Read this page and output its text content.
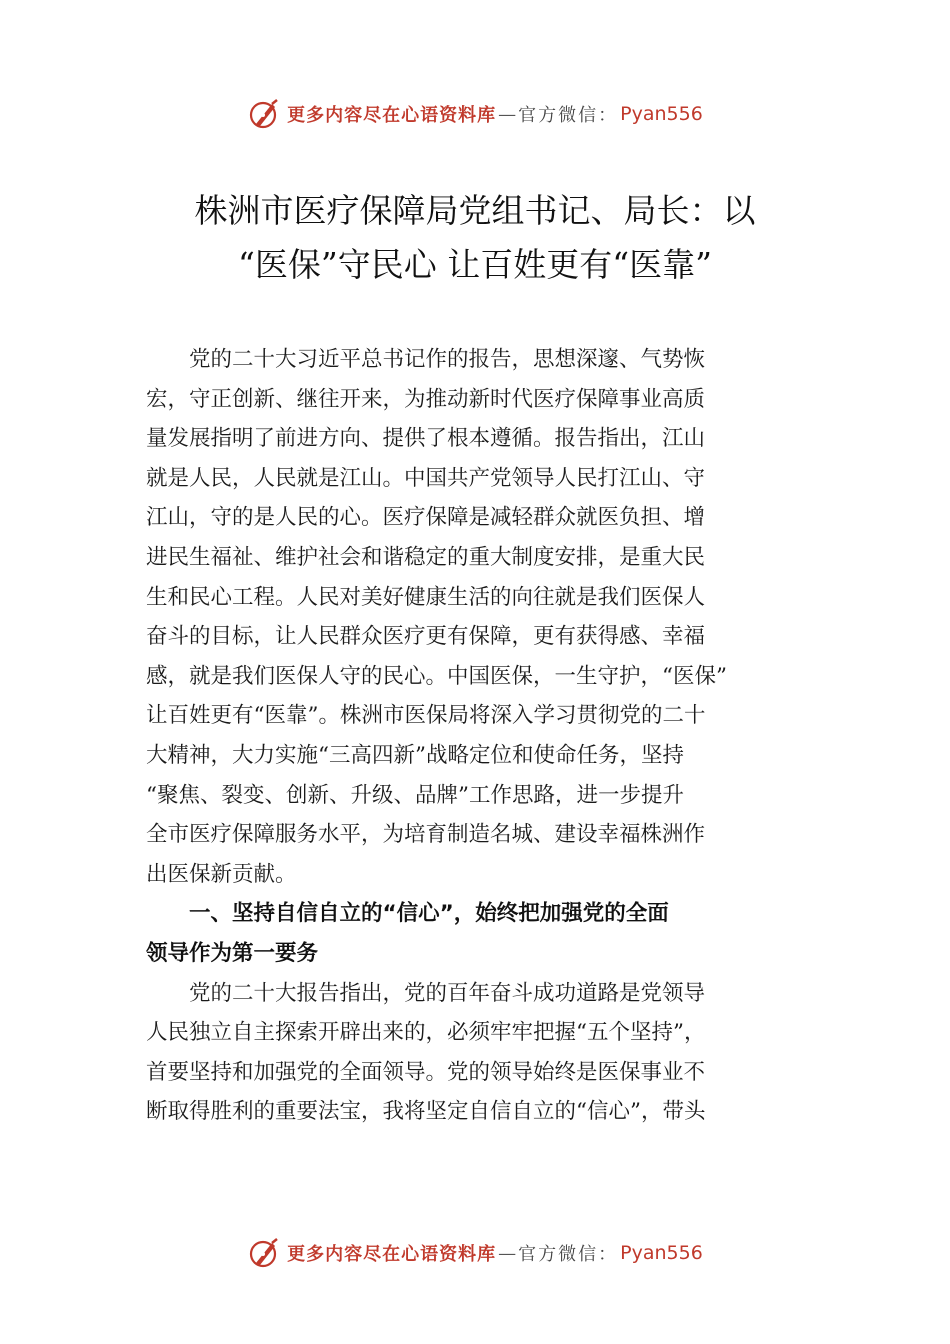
更多内容尽在心语资料库 — 官方微信： Pyan556
株洲市医疗保障局党组书记、局长：以
“医保”守民心 让百姓更有“医靠”

党的二十大习近平总书记作的报告，思想深邃、气势恢
宏，守正创新、继往开来，为推动新时代医疗保障事业高质
量发展指明了前进方向、提供了根本遵循。报告指出，江山
就是人民，人民就是江山。中国共产党领导人民打江山、守
江山，守的是人民的心。医疗保障是减轻群众就医负担、增
进民生福祉、维护社会和谐稳定的重大制度安排，是重大民
生和民心工程。人民对美好健康生活的向往就是我们医保人
奋斗的目标，让人民群众医疗更有保障，更有获得感、幸福
感，就是我们医保人守的民心。中国医保，一生守护，“医保”
让百姓更有“医靠”。株洲市医保局将深入学习贯彻党的二十
大精神，大力实施“三高四新”战略定位和使命任务，坚持
“聚焦、裂变、创新、升级、品牌”工作思路，进一步提升
全市医疗保障服务水平，为培育制造名城、建设幸福株洲作
出医保新贡献。

一、坚持自信自立的“信心”，始终把加强党的全面
领导作为第一要务

党的二十大报告指出，党的百年奋斗成功道路是党领导
人民独立自主探索开辟出来的，必须牢牢把握“五个坚持”，
首要坚持和加强党的全面领导。党的领导始终是医保事业不
断取得胜利的重要法宝，我将坚定自信自立的“信心”，带头

更多内容尽在心语资料库 — 官方微信： Pyan556
